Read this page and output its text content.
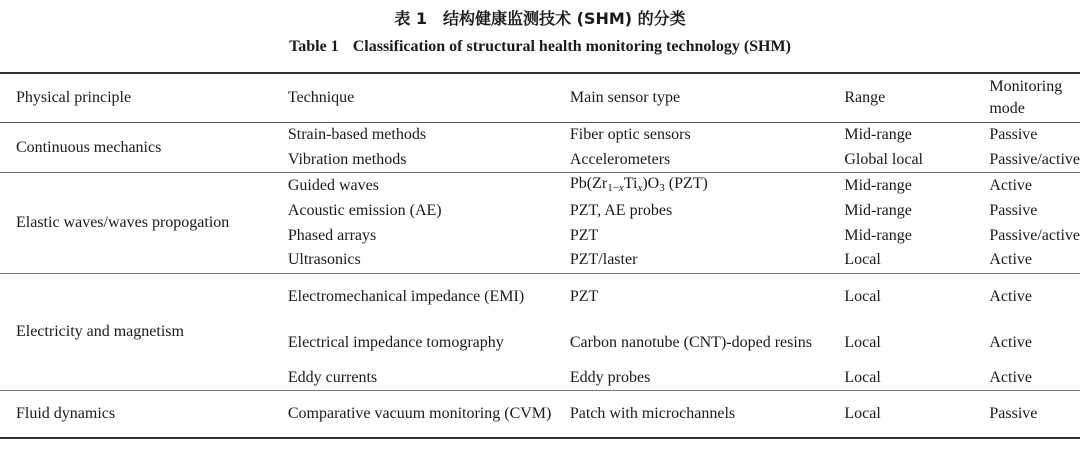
表 1　结构健康监测技术 (SHM) 的分类
Table 1 Classification of structural health monitoring technology (SHM)
Physical principle	Technique	Main sensor type	Range	Monitoring mode
Continuous mechanics	Strain-based methods	Fiber optic sensors	Mid-range	Passive
	Vibration methods	Accelerometers	Global local	Passive/active
Elastic waves/waves propogation	Guided waves	$Pb(Zr_{1-x}Ti_x)O_3$ (PZT)	Mid-range	Active
	Acoustic emission (AE)	PZT, AE probes	Mid-range	Passive
	Phased arrays	PZT	Mid-range	Passive/active
	Ultrasonics	PZT/laster	Local	Active
Electricity and magnetism	Electromechanical impedance (EMI)	PZT	Local	Active
	Electrical impedance tomography	Carbon nanotube (CNT)-doped resins	Local	Active
	Eddy currents	Eddy probes	Local	Active
Fluid dynamics	Comparative vacuum monitoring (CVM)	Patch with microchannels	Local	Passive
